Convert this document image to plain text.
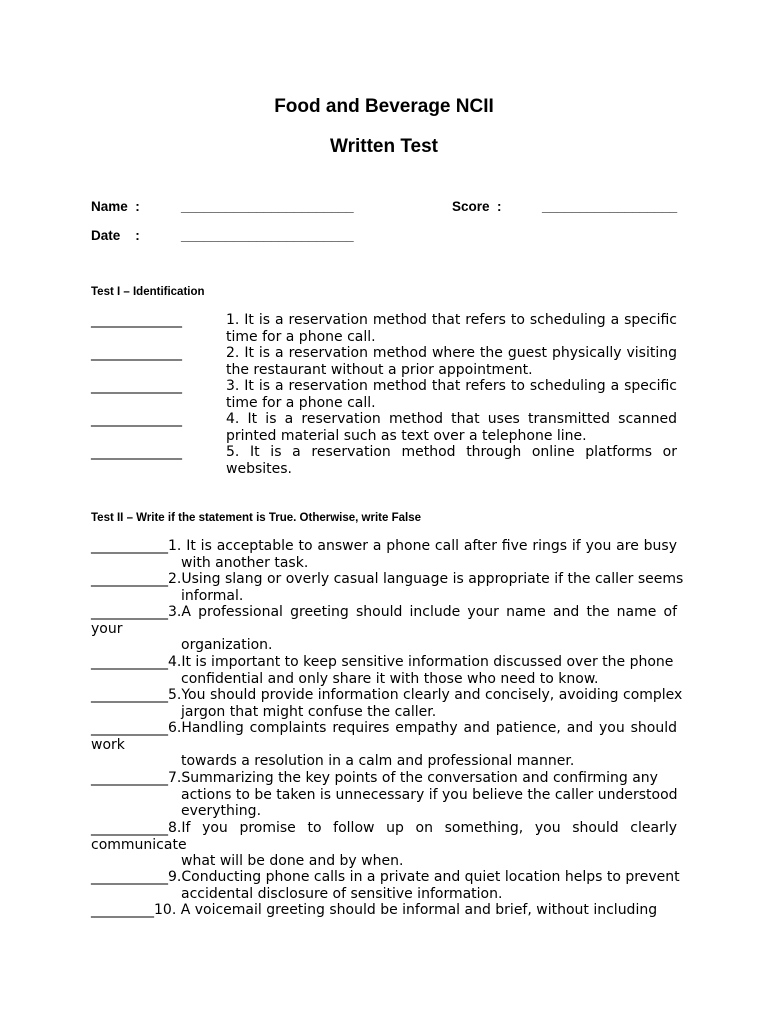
Food and Beverage NCII
Written Test
Name  :	_______________________	Score  :	__________________
Date    :	_______________________
Test I – Identification
_____________	1. It is a reservation method that refers to scheduling a specific
time for a phone call.
_____________	2. It is a reservation method where the guest physically visiting
the restaurant without a prior appointment.
_____________	3. It is a reservation method that refers to scheduling a specific
time for a phone call.
_____________	4. It is a reservation method that uses transmitted scanned
printed material such as text over a telephone line.
_____________	5. It is a reservation method through online platforms or
websites.
Test II – Write if the statement is True. Otherwise, write False
___________1. It is acceptable to answer a phone call after five rings if you are busy
with another task.
___________2.Using slang or overly casual language is appropriate if the caller seems
informal.
___________3.A professional greeting should include your name and the name of
your
organization.
___________4.It is important to keep sensitive information discussed over the phone
confidential and only share it with those who need to know.
___________5.You should provide information clearly and concisely, avoiding complex
jargon that might confuse the caller.
___________6.Handling complaints requires empathy and patience, and you should
work
towards a resolution in a calm and professional manner.
___________7.Summarizing the key points of the conversation and confirming any
actions to be taken is unnecessary if you believe the caller understood
everything.
___________8.If you promise to follow up on something, you should clearly
communicate
what will be done and by when.
___________9.Conducting phone calls in a private and quiet location helps to prevent
accidental disclosure of sensitive information.
_________10. A voicemail greeting should be informal and brief, without including
